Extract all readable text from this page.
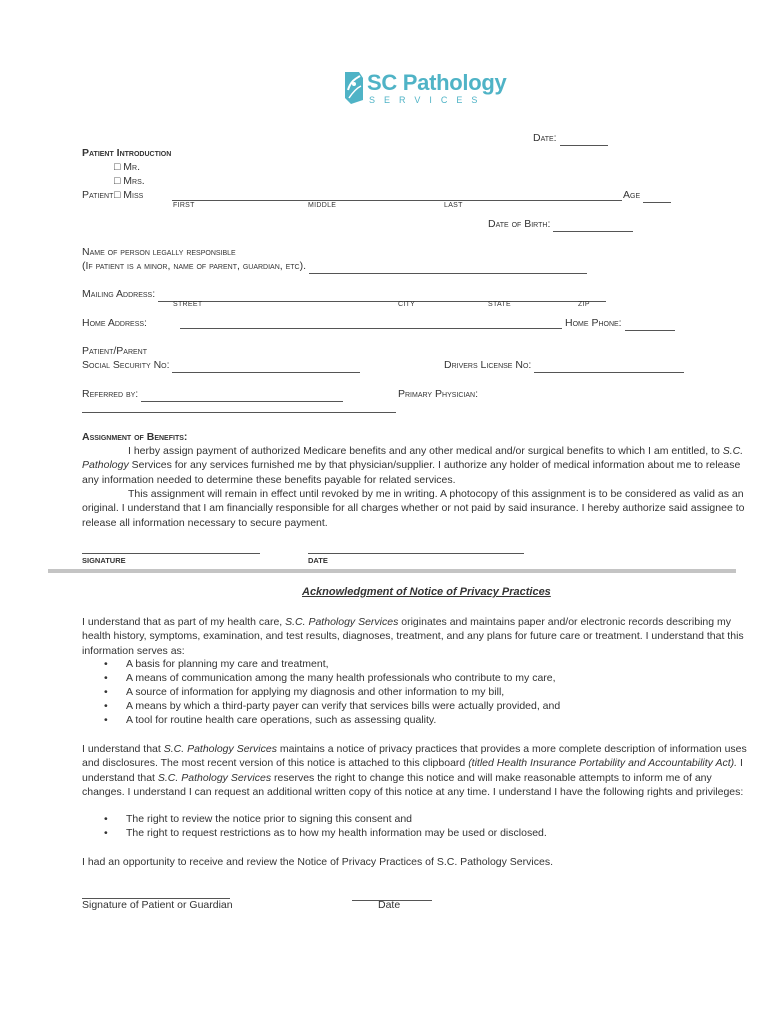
SC Pathology
SERVICES
Date:
Patient Introduction
□ Mr.
□ Mrs.
Patient □ Miss	Age
FIRST	MIDDLE	LAST
Date of Birth:
Name of person legally responsible
(If patient is a minor, name of parent, guardian, etc).
Mailing Address:
STREET	CITY	STATE	ZIP
Home Address:	Home Phone:
Patient/Parent
Social Security No:	Drivers License No:
Referred by:	Primary Physician:
Assignment of Benefits:
I herby assign payment of authorized Medicare benefits and any other medical and/or surgical benefits to which I am entitled, to S.C. Pathology Services for any services furnished me by that physician/supplier. I authorize any holder of medical information about me to release any information needed to determine these benefits payable for related services.
This assignment will remain in effect until revoked by me in writing. A photocopy of this assignment is to be considered as valid as an original. I understand that I am financially responsible for all charges whether or not paid by said insurance. I hereby authorize said assignee to release all information necessary to secure payment.
SIGNATURE	DATE
Acknowledgment of Notice of Privacy Practices
I understand that as part of my health care, S.C. Pathology Services originates and maintains paper and/or electronic records describing my health history, symptoms, examination, and test results, diagnoses, treatment, and any plans for future care or treatment. I understand that this information serves as:
• A basis for planning my care and treatment,
• A means of communication among the many health professionals who contribute to my care,
• A source of information for applying my diagnosis and other information to my bill,
• A means by which a third-party payer can verify that services bills were actually provided, and
• A tool for routine health care operations, such as assessing quality.
I understand that S.C. Pathology Services maintains a notice of privacy practices that provides a more complete description of information uses and disclosures. The most recent version of this notice is attached to this clipboard (titled Health Insurance Portability and Accountability Act). I understand that S.C. Pathology Services reserves the right to change this notice and will make reasonable attempts to inform me of any changes. I understand I can request an additional written copy of this notice at any time. I understand I have the following rights and privileges:
• The right to review the notice prior to signing this consent and
• The right to request restrictions as to how my health information may be used or disclosed.
I had an opportunity to receive and review the Notice of Privacy Practices of S.C. Pathology Services.
Signature of Patient or Guardian	Date
